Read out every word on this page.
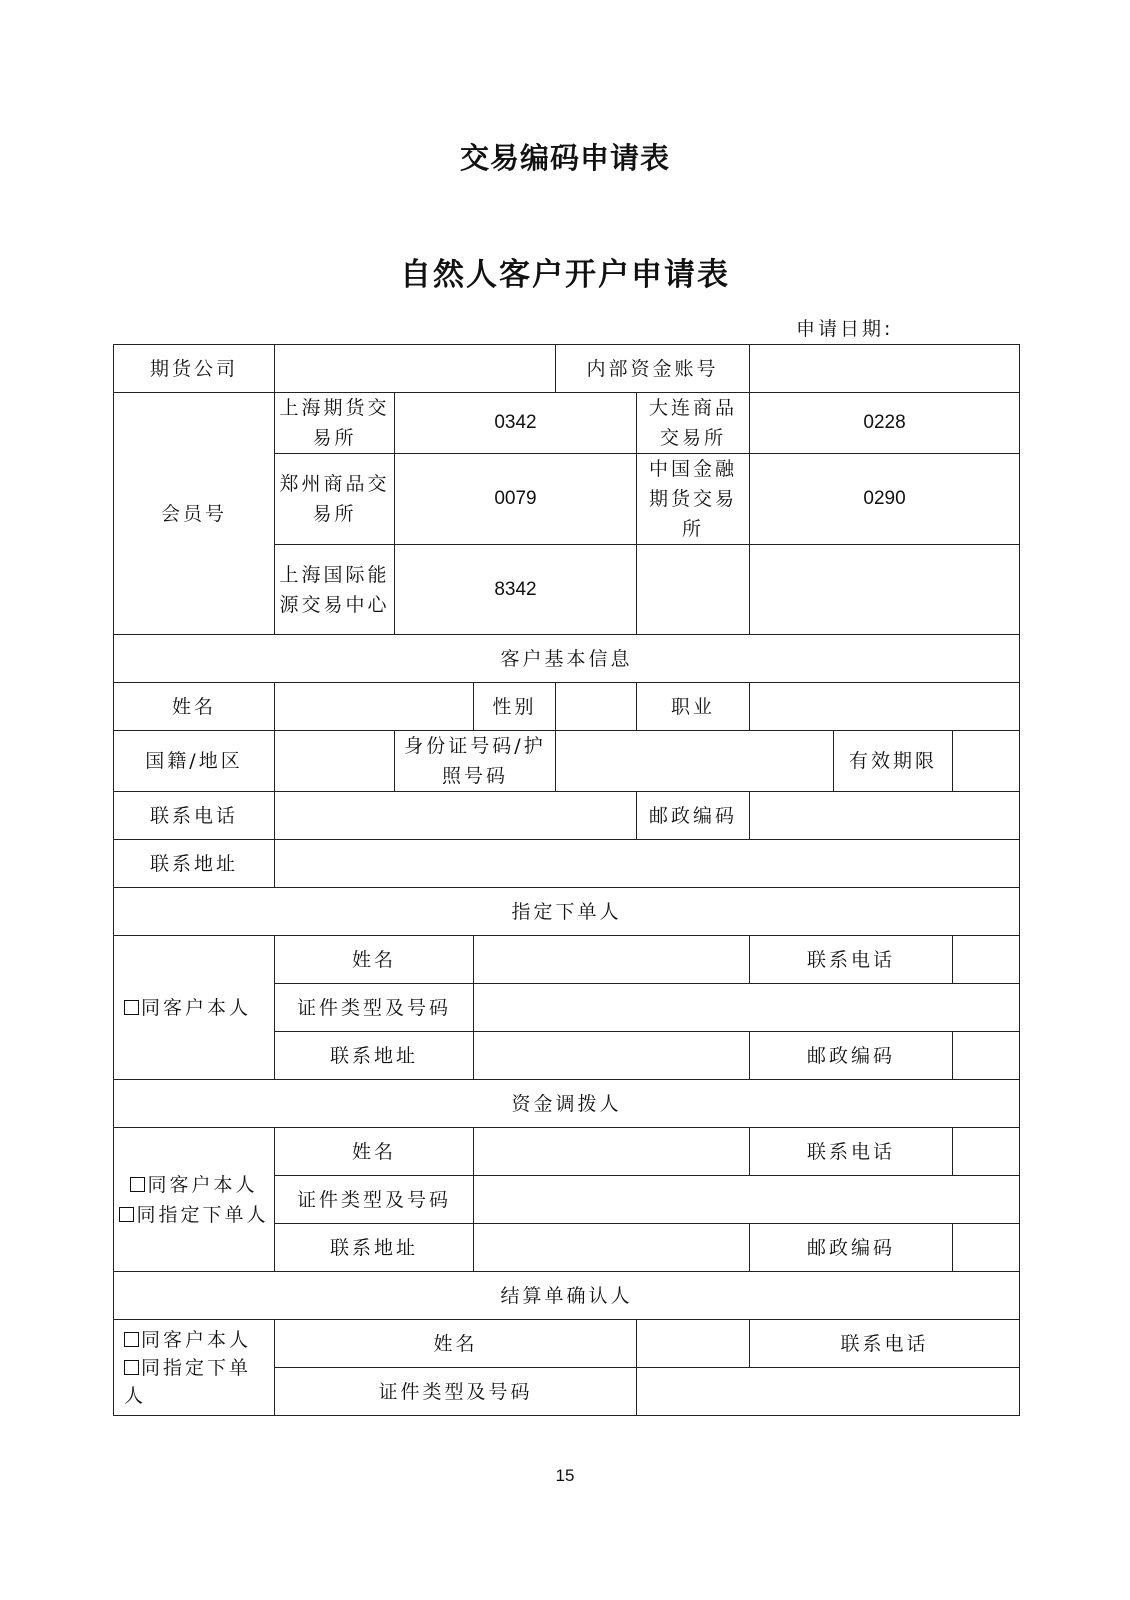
交易编码申请表
自然人客户开户申请表
申请日期:
期货公司				内部资金账号				
会员号	上海期货交易所	0342			大连商品交易所	0228		
	郑州商品交易所	0079			中国金融期货交易所	0290		
	上海国际能源交易中心	8342						
客户基本信息								
姓名			性别		职业			
国籍/地区		身份证号码/护照号码					有效期限	
联系电话					邮政编码			
联系地址								
指定下单人								
同客户本人	姓名					联系电话		
	证件类型及号码							
	联系地址					邮政编码		
资金调拨人								

同客户本人
同指定下单人	姓名					联系电话		
	证件类型及号码							
	联系地址					邮政编码		
结算单确认人								

同客户本人
同指定下单人	姓名					联系电话		
	证件类型及号码							
15
